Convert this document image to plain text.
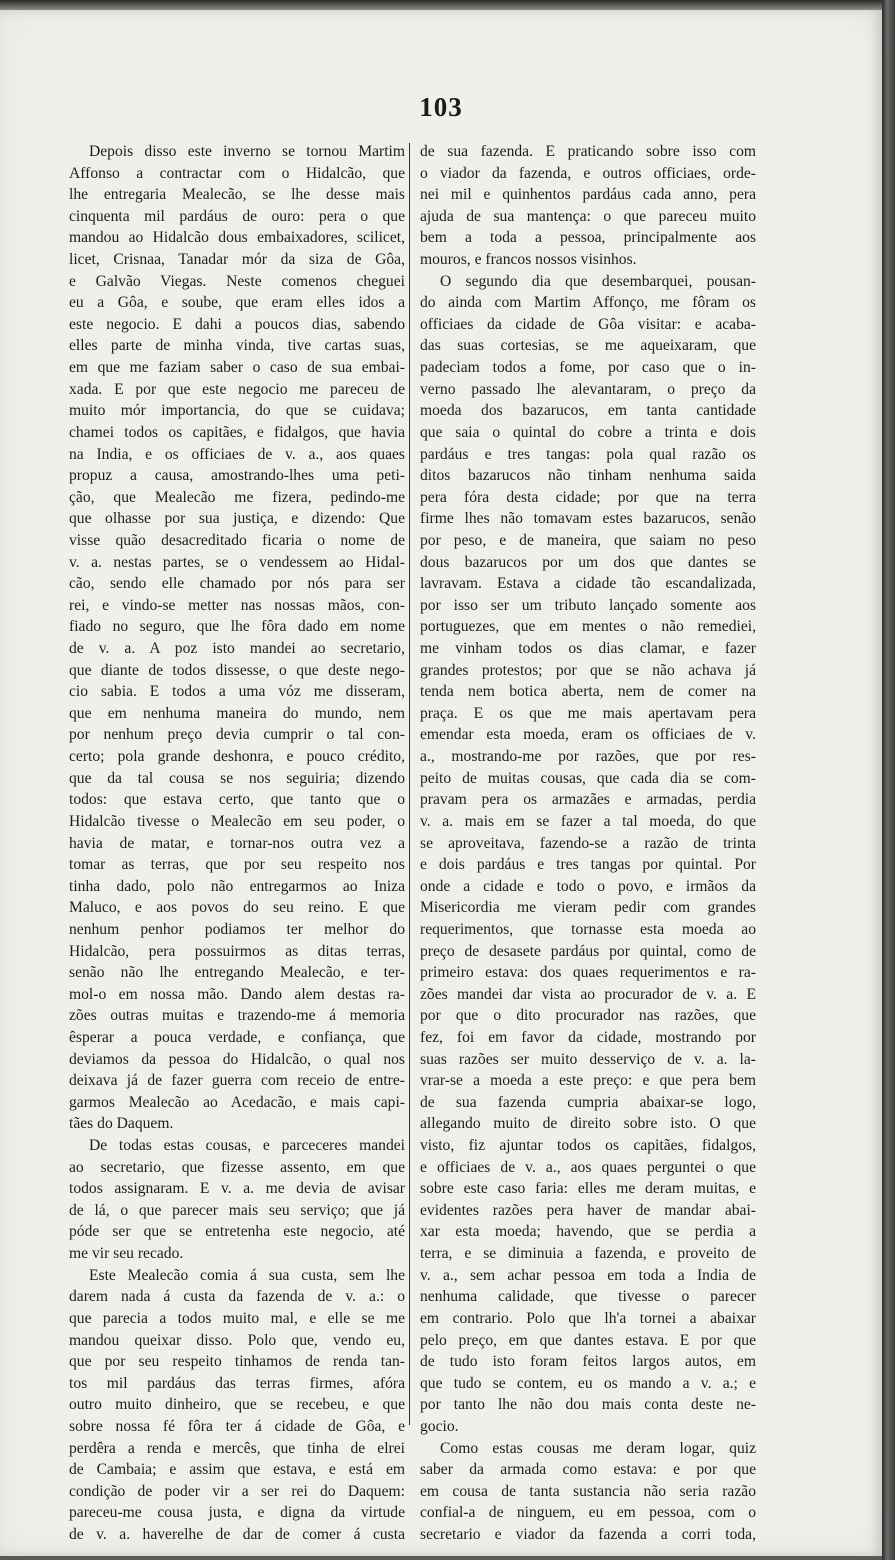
103
Depois disso este inverno se tornou Martim
Affonso a contractar com o Hidalcão, que
lhe entregaria Mealecão, se lhe desse mais
cinquenta mil pardáus de ouro: pera o que
mandou ao Hidalcão dous embaixadores, scilicet,
licet, Crisnaa, Tanadar mór da siza de Gôa,
e Galvão Viegas. Neste comenos cheguei
eu a Gôa, e soube, que eram elles idos a
este negocio. E dahi a poucos dias, sabendo
elles parte de minha vinda, tive cartas suas,
em que me faziam saber o caso de sua embai-
xada. E por que este negocio me pareceu de
muito mór importancia, do que se cuidava;
chamei todos os capitães, e fidalgos, que havia
na India, e os officiaes de v. a., aos quaes
propuz a causa, amostrando-lhes uma peti-
ção, que Mealecão me fizera, pedindo-me
que olhasse por sua justiça, e dizendo: Que
visse quão desacreditado ficaria o nome de
v. a. nestas partes, se o vendessem ao Hidal-
cão, sendo elle chamado por nós para ser
rei, e vindo-se metter nas nossas mãos, con-
fiado no seguro, que lhe fôra dado em nome
de v. a. A poz isto mandei ao secretario,
que diante de todos dissesse, o que deste nego-
cio sabia. E todos a uma vóz me disseram,
que em nenhuma maneira do mundo, nem
por nenhum preço devia cumprir o tal con-
certo; pola grande deshonra, e pouco crédito,
que da tal cousa se nos seguiria; dizendo
todos: que estava certo, que tanto que o
Hidalcão tivesse o Mealecão em seu poder, o
havia de matar, e tornar-nos outra vez a
tomar as terras, que por seu respeito nos
tinha dado, polo não entregarmos ao Iniza
Maluco, e aos povos do seu reino. E que
nenhum penhor podiamos ter melhor do
Hidalcão, pera possuirmos as ditas terras,
senão não lhe entregando Mealecão, e ter-
mol-o em nossa mão. Dando alem destas ra-
zões outras muitas e trazendo-me á memoria
êsperar a pouca verdade, e confiança, que
deviamos da pessoa do Hidalcão, o qual nos
deixava já de fazer guerra com receio de entre-
garmos Mealecão ao Acedacão, e mais capi-
tães do Daquem.
De todas estas cousas, e parceceres mandei
ao secretario, que fizesse assento, em que
todos assignaram. E v. a. me devia de avisar
de lá, o que parecer mais seu serviço; que já
póde ser que se entretenha este negocio, até
me vir seu recado.
Este Mealecão comia á sua custa, sem lhe
darem nada á custa da fazenda de v. a.: o
que parecia a todos muito mal, e elle se me
mandou queixar disso. Polo que, vendo eu,
que por seu respeito tinhamos de renda tan-
tos mil pardáus das terras firmes, afóra
outro muito dinheiro, que se recebeu, e que
sobre nossa fé fôra ter á cidade de Gôa, e
perdêra a renda e mercês, que tinha de elrei
de Cambaia; e assim que estava, e está em
condição de poder vir a ser rei do Daquem:
pareceu-me cousa justa, e digna da virtude
de v. a. haverelhe de dar de comer á custa
de sua fazenda. E praticando sobre isso com
o viador da fazenda, e outros officiaes, orde-
nei mil e quinhentos pardáus cada anno, pera
ajuda de sua mantença: o que pareceu muito
bem a toda a pessoa, principalmente aos
mouros, e francos nossos visinhos.
O segundo dia que desembarquei, pousan-
do ainda com Martim Affonço, me fôram os
officiaes da cidade de Gôa visitar: e acaba-
das suas cortesias, se me aqueixaram, que
padeciam todos a fome, por caso que o in-
verno passado lhe alevantaram, o preço da
moeda dos bazarucos, em tanta cantidade
que saia o quintal do cobre a trinta e dois
pardáus e tres tangas: pola qual razão os
ditos bazarucos não tinham nenhuma saida
pera fóra desta cidade; por que na terra
firme lhes não tomavam estes bazarucos, senão
por peso, e de maneira, que saiam no peso
dous bazarucos por um dos que dantes se
lavravam. Estava a cidade tão escandalizada,
por isso ser um tributo lançado somente aos
portuguezes, que em mentes o não remediei,
me vinham todos os dias clamar, e fazer
grandes protestos; por que se não achava já
tenda nem botica aberta, nem de comer na
praça. E os que me mais apertavam pera
emendar esta moeda, eram os officiaes de v.
a., mostrando-me por razões, que por res-
peito de muitas cousas, que cada dia se com-
pravam pera os armazães e armadas, perdia
v. a. mais em se fazer a tal moeda, do que
se aproveitava, fazendo-se a razão de trinta
e dois pardáus e tres tangas por quintal. Por
onde a cidade e todo o povo, e irmãos da
Misericordia me vieram pedir com grandes
requerimentos, que tornasse esta moeda ao
preço de desasete pardáus por quintal, como de
primeiro estava: dos quaes requerimentos e ra-
zões mandei dar vista ao procurador de v. a. E
por que o dito procurador nas razões, que
fez, foi em favor da cidade, mostrando por
suas razões ser muito desserviço de v. a. la-
vrar-se a moeda a este preço: e que pera bem
de sua fazenda cumpria abaixar-se logo,
allegando muito de direito sobre isto. O que
visto, fiz ajuntar todos os capitães, fidalgos,
e officiaes de v. a., aos quaes perguntei o que
sobre este caso faria: elles me deram muitas, e
evidentes razões pera haver de mandar abai-
xar esta moeda; havendo, que se perdia a
terra, e se diminuia a fazenda, e proveito de
v. a., sem achar pessoa em toda a India de
nenhuma calidade, que tivesse o parecer
em contrario. Polo que lh'a tornei a abaixar
pelo preço, em que dantes estava. E por que
de tudo isto foram feitos largos autos, em
que tudo se contem, eu os mando a v. a.; e
por tanto lhe não dou mais conta deste ne-
gocio.
Como estas cousas me deram logar, quiz
saber da armada como estava: e por que
em cousa de tanta sustancia não seria razão
confial-a de ninguem, eu em pessoa, com o
secretario e viador da fazenda a corri toda,
